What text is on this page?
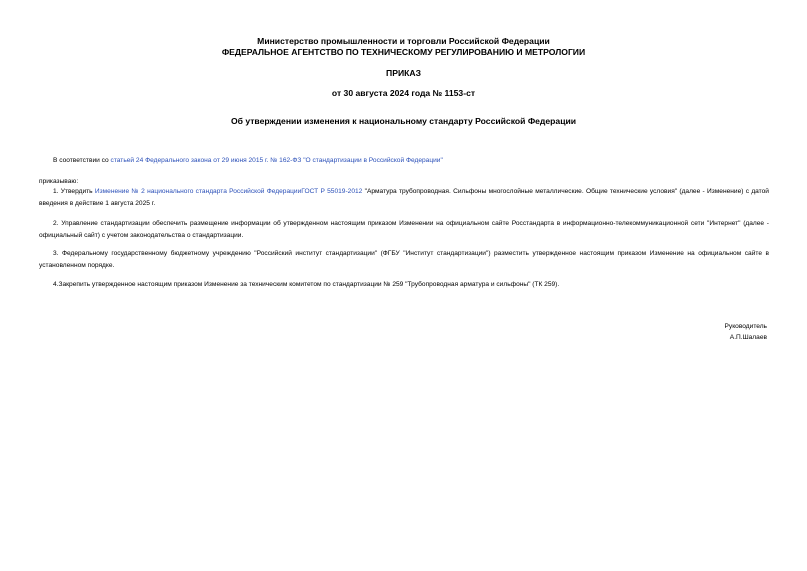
Министерство промышленности и торговли Российской Федерации
ФЕДЕРАЛЬНОЕ АГЕНТСТВО ПО ТЕХНИЧЕСКОМУ РЕГУЛИРОВАНИЮ И МЕТРОЛОГИИ
ПРИКАЗ
от 30 августа 2024 года № 1153-ст
Об утверждении изменения к национальному стандарту Российской Федерации
В соответствии со статьей 24 Федерального закона от 29 июня 2015 г. № 162-ФЗ "О стандартизации в Российской Федерации"
приказываю:
1. Утвердить Изменение № 2 национального стандарта Российской ФедерацииГОСТ Р 55019-2012 "Арматура трубопроводная. Сильфоны многослойные металлические. Общие технические условия" (далее - Изменение) с датой введения в действие 1 августа 2025 г.
2. Управление стандартизации обеспечить размещение информации об утвержденном настоящим приказом Изменении на официальном сайте Росстандарта в информационно-телекоммуникационной сети "Интернет" (далее - официальный сайт) с учетом законодательства о стандартизации.
3. Федеральному государственному бюджетному учреждению "Российский институт стандартизации" (ФГБУ "Институт стандартизации") разместить утвержденное настоящим приказом Изменение на официальном сайте в установленном порядке.
4.Закрепить утвержденное настоящим приказом Изменение за техническим комитетом по стандартизации № 259 "Трубопроводная арматура и сильфоны" (ТК 259).
Руководитель
А.П.Шалаев
